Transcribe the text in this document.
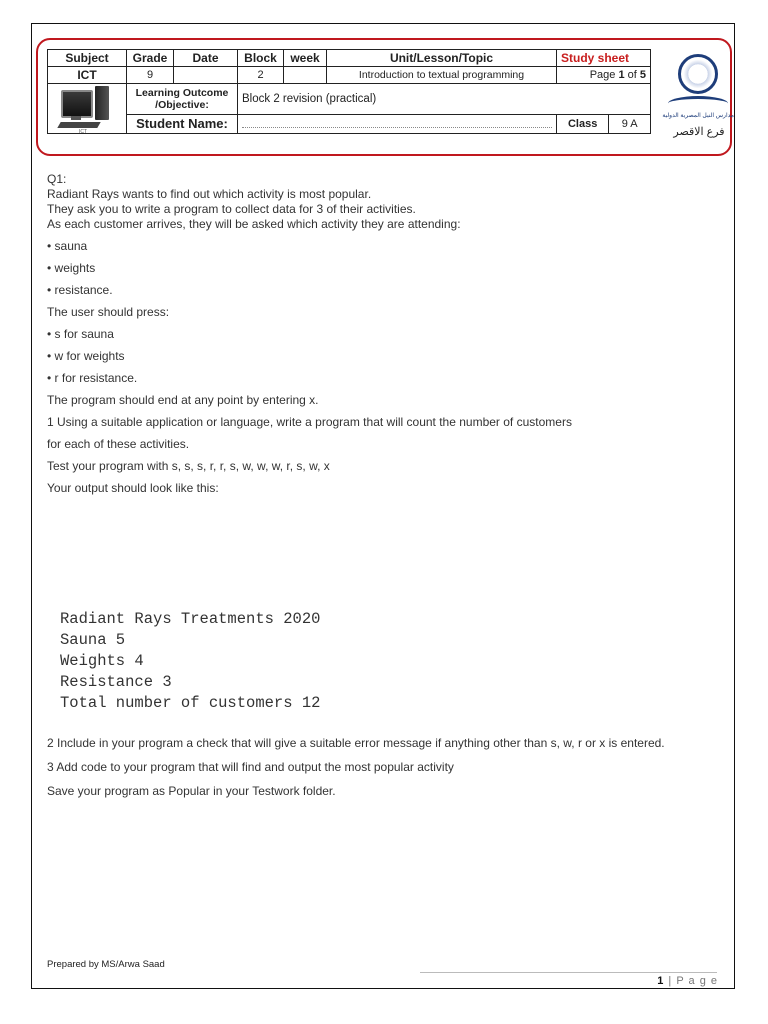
Subject	Grade	Date	Block	week	Unit/Lesson/Topic	Study sheet	
ICT	9		2		Introduction to textual programming	Page 1 of 5	

ICT	Learning Outcome /Objective:		Block 2 revision (practical)				
	Student Name:					Class	9 A
مدارس النيل المصرية الدولية
فرع الاقصر

Q1:

Radiant Rays wants to find out which activity is most popular.

They ask you to write a program to collect data for 3 of their activities.

As each customer arrives, they will be asked which activity they are attending:

• sauna

• weights

• resistance.

The user should press:

• s for sauna

• w for weights

• r for resistance.

The program should end at any point by entering x.

1 Using a suitable application or language, write a program that will count the number of customers

for each of these activities.

Test your program with s, s, s, r, r, s, w, w, w, r, s, w, x

Your output should look like this:

Radiant Rays Treatments 2020
Sauna 5
Weights 4
Resistance 3
Total number of customers 12

2 Include in your program a check that will give a suitable error message if anything other than s, w, r or x is entered.

3 Add code to your program that will find and output the most popular activity

Save your program as Popular in your Testwork folder.

Prepared by MS/Arwa Saad
1 | P a g e
